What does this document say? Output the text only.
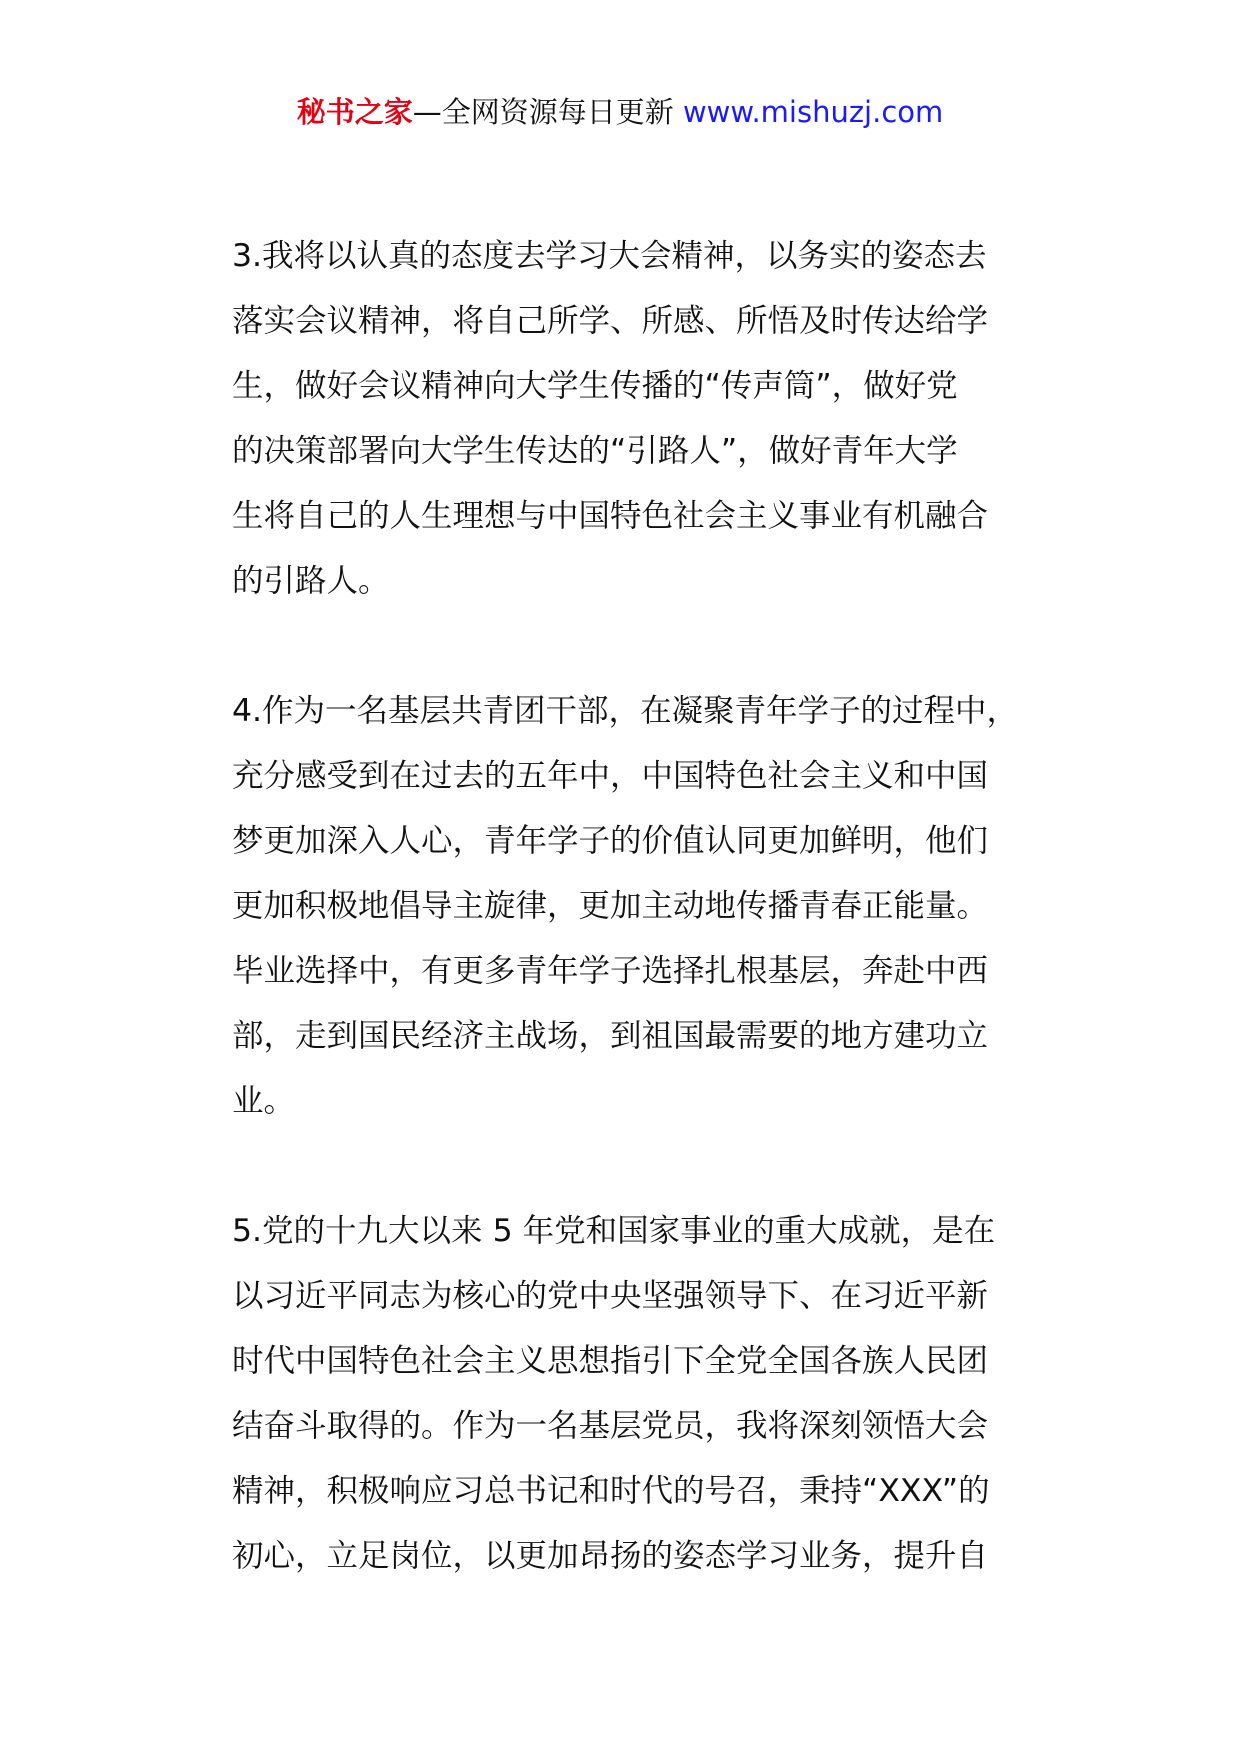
秘书之家—全网资源每日更新 www.mishuzj.com
3.我将以认真的态度去学习大会精神，以务实的姿态去
落实会议精神，将自己所学、所感、所悟及时传达给学
生，做好会议精神向大学生传播的“传声筒”，做好党
的决策部署向大学生传达的“引路人”，做好青年大学
生将自己的人生理想与中国特色社会主义事业有机融合
的引路人。
4.作为一名基层共青团干部，在凝聚青年学子的过程中，
充分感受到在过去的五年中，中国特色社会主义和中国
梦更加深入人心，青年学子的价值认同更加鲜明，他们
更加积极地倡导主旋律，更加主动地传播青春正能量。
毕业选择中，有更多青年学子选择扎根基层，奔赴中西
部，走到国民经济主战场，到祖国最需要的地方建功立
业。
5.党的十九大以来 5 年党和国家事业的重大成就，是在
以习近平同志为核心的党中央坚强领导下、在习近平新
时代中国特色社会主义思想指引下全党全国各族人民团
结奋斗取得的。作为一名基层党员，我将深刻领悟大会
精神，积极响应习总书记和时代的号召，秉持“XXX”的
初心，立足岗位，以更加昂扬的姿态学习业务，提升自
